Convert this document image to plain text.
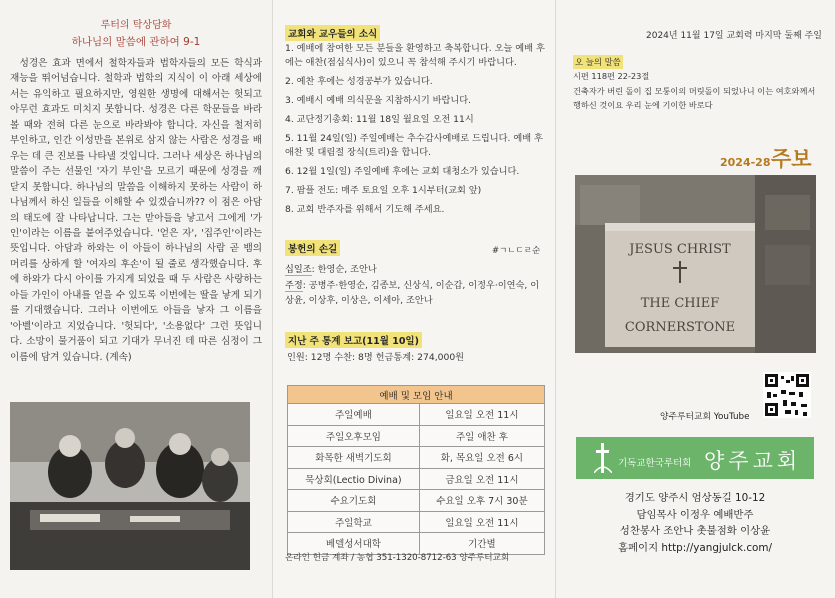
루터의 탁상담화
하나님의 말씀에 관하여 9-1
성경은 효과 면에서 철학자들과 법학자들의 모든 학식과 재능을 뛰어넘습니다. 철학과 법학의 지식이 이 아래 세상에서는 유익하고 필요하지만, 영원한 생명에 대해서는 헛되고 아무런 효과도 미치지 못합니다. 성경은 다른 학문들을 바라볼 때와 전혀 다른 눈으로 바라봐야 합니다. 자신을 철저히 부인하고, 인간 이성만을 본위로 삼지 않는 사람은 성경을 배우는 데 큰 진보를 나타낼 것입니다. 그러나 세상은 하나님의 말씀이 주는 선물인 '자기 부인'을 모르기 때문에 성경을 깨닫지 못합니다. 하나님의 말씀을 이해하지 못하는 사람이 하나님께서 하신 일들을 이해할 수 있겠습니까?? 이 점은 아담의 태도에 잘 나타납니다. 그는 맏아들을 낳고서 그에게 '가인'이라는 이름을 붙여주었습니다. '얻은 자', '집주인'이라는 뜻입니다. 아담과 하와는 이 아들이 하나님의 사람 곧 뱀의 머리를 상하게 할 '여자의 후손'이 될 줄로 생각했습니다. 후에 하와가 다시 아이를 가지게 되었을 때 두 사람은 사랑하는 아들 가인이 아내를 얻을 수 있도록 이번에는 딸을 낳게 되기를 기대했습니다. 그러나 이번에도 아들을 낳자 그 이름을 '아벨'이라고 지었습니다. '헛되다', '소용없다' 그런 뜻입니다. 소망이 물거품이 되고 기대가 무너진 데 따른 심정이 그 이름에 담겨 있습니다. (계속)
교회와 교우들의 소식
1. 예배에 참여한 모든 분들을 환영하고 축복합니다. 오늘 예배 후에는 애찬(점심식사)이 있으니 꼭 참석해 주시기 바랍니다.
2. 예찬 후에는 성경공부가 있습니다.
3. 예배시 예배 의식문을 지참하시기 바랍니다.
4. 교단정기총회: 11월 18일 월요일 오전 11시
5. 11월 24일(일) 주일예배는 추수감사예배로 드립니다. 예배 후 애찬 및 대림절 장식(트리)을 합니다.
6. 12월 1일(일) 주일예배 후에는 교회 대청소가 있습니다.
7. 팜플 전도: 매주 토요일 오후 1시부터(교회 앞)
8. 교회 반주자를 위해서 기도해 주세요.
봉헌의 손길
십일조: 한영순, 조안나
주정: 공병주·한영순, 김종보, 신상식, 이순갑, 이정우·이연숙, 이상윤, 이상후, 이상은, 이세아, 조안나
지난 주 통계 보고(11월 10일)
인원: 12명 수찬: 8명 헌금통계: 274,000원
예배 및 모임 안내	
주일예배	일요일 오전 11시
주일오후모임	주일 애찬 후
화목한 새벽기도회	화, 목요일 오전 6시
묵상회(Lectio Divina)	금요일 오전 11시
수요기도회	수요일 오후 7시 30분
주일학교	일요일 오전 11시
베델성서대학	기간별
온라인 헌금 계좌 / 농협 351-1320-8712-63 양주루터교회
#ㄱㄴㄷㄹ순
2024년 11월 17일 교회력 마지막 둘째 주일
오 늘의 말씀
시편 118편 22-23절
건축자가 버린 돌이 집 모퉁이의 머릿돌이 되었나니 이는 여호와께서 행하신 것이요 우리 눈에 기이한 바로다
2024-28 주보
JESUS CHRIST
THE CHIEF
CORNERSTONE
양주루터교회 YouTube
기독교한국루터회 양주교회
경기도 양주시 엄상동길 10-12
담임목사 이정우 예배반주
성찬봉사 조안나 촛불점화 이상윤
홈페이지 http://yangjulck.com/
